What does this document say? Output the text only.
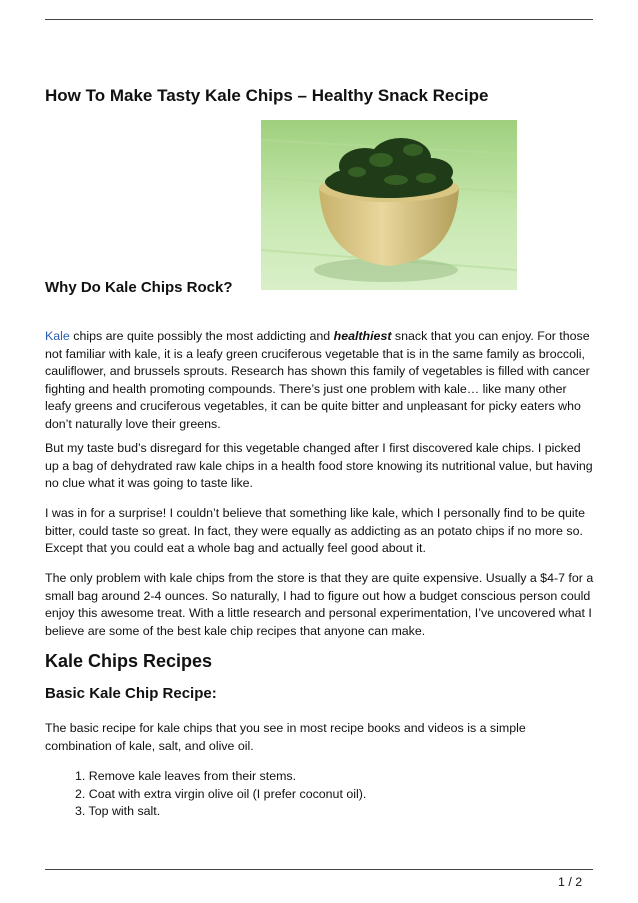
How To Make Tasty Kale Chips – Healthy Snack Recipe
Why Do Kale Chips Rock?

Kale chips are quite possibly the most addicting and healthiest snack that you can enjoy. For those not familiar with kale, it is a leafy green cruciferous vegetable that is in the same family as broccoli, cauliflower, and brussels sprouts. Research has shown this family of vegetables is filled with cancer fighting and health promoting compounds. There’s just one problem with kale… like many other leafy greens and cruciferous vegetables, it can be quite bitter and unpleasant for picky eaters who don’t naturally love their greens.

But my taste bud’s disregard for this vegetable changed after I first discovered kale chips. I picked up a bag of dehydrated raw kale chips in a health food store knowing its nutritional value, but having no clue what it was going to taste like.

I was in for a surprise! I couldn’t believe that something like kale, which I personally find to be quite bitter, could taste so great. In fact, they were equally as addicting as an potato chips if no more so. Except that you could eat a whole bag and actually feel good about it.

The only problem with kale chips from the store is that they are quite expensive. Usually a $4-7 for a small bag around 2-4 ounces. So naturally, I had to figure out how a budget conscious person could enjoy this awesome treat. With a little research and personal experimentation, I’ve uncovered what I believe are some of the best kale chip recipes that anyone can make.

Kale Chips Recipes
Basic Kale Chip Recipe:

The basic recipe for kale chips that you see in most recipe books and videos is a simple combination of kale, salt, and olive oil.

1. Remove kale leaves from their stems.
2. Coat with extra virgin olive oil (I prefer coconut oil).
3. Top with salt.
1 / 2
